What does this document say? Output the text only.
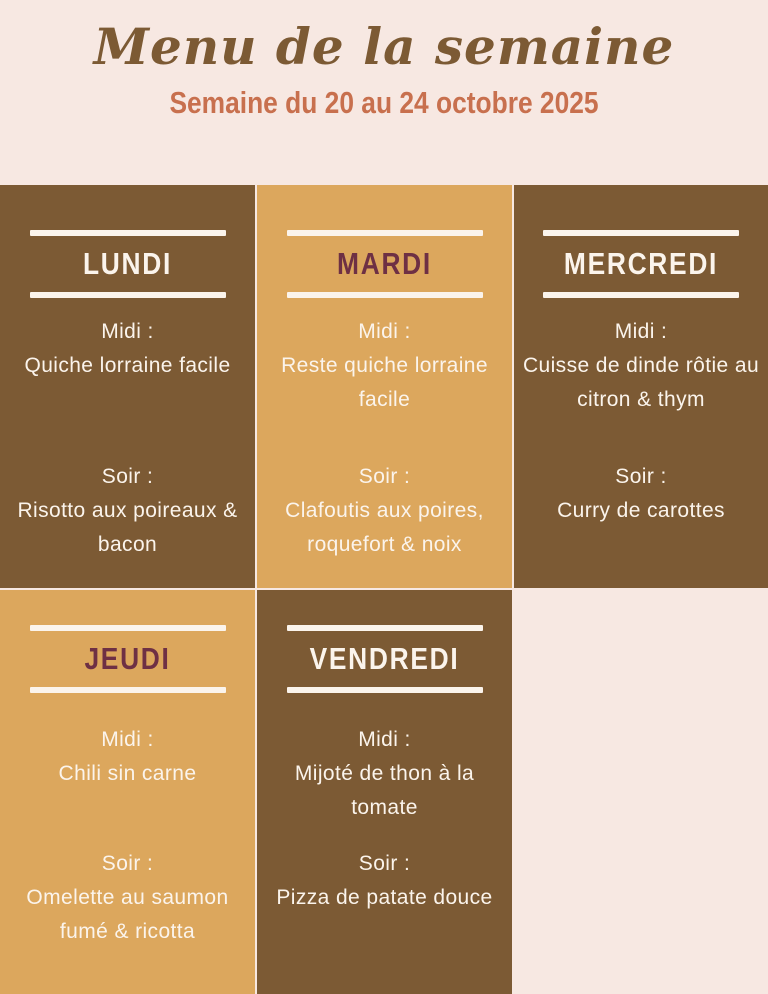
Menu de la semaine
Semaine du 20 au 24 octobre 2025
LUNDI
Midi :
Quiche lorraine facile
Soir :
Risotto aux poireaux & bacon
MARDI
Midi :
Reste quiche lorraine facile
Soir :
Clafoutis aux poires, roquefort & noix
MERCREDI
Midi :
Cuisse de dinde rôtie au citron & thym
Soir :
Curry de carottes
JEUDI
Midi :
Chili sin carne
Soir :
Omelette au saumon fumé & ricotta
VENDREDI
Midi :
Mijoté de thon à la tomate
Soir :
Pizza de patate douce
